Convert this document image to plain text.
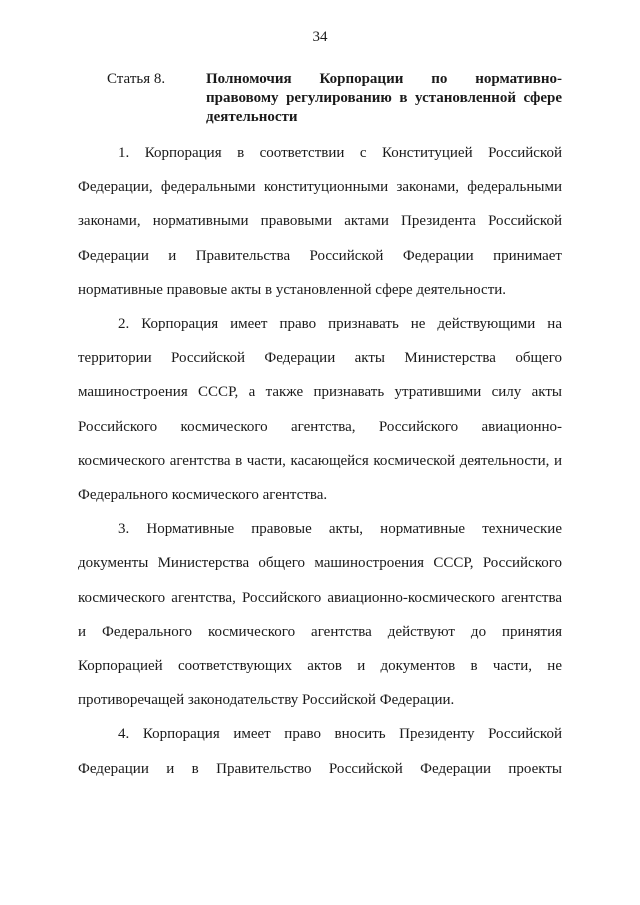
34
Статья 8.	Полномочия Корпорации по нормативно-правовому регулированию в установленной сфере деятельности

1. Корпорация в соответствии с Конституцией Российской Федерации, федеральными конституционными законами, федеральными законами, нормативными правовыми актами Президента Российской Федерации и Правительства Российской Федерации принимает нормативные правовые акты в установленной сфере деятельности.

2. Корпорация имеет право признавать не действующими на территории Российской Федерации акты Министерства общего машиностроения СССР, а также признавать утратившими силу акты Российского космического агентства, Российского авиационно-космического агентства в части, касающейся космической деятельности, и Федерального космического агентства.

3. Нормативные правовые акты, нормативные технические документы Министерства общего машиностроения СССР, Российского космического агентства, Российского авиационно-космического агентства и Федерального космического агентства действуют до принятия Корпорацией соответствующих актов и документов в части, не противоречащей законодательству Российской Федерации.

4. Корпорация имеет право вносить Президенту Российской Федерации и в Правительство Российской Федерации проекты
